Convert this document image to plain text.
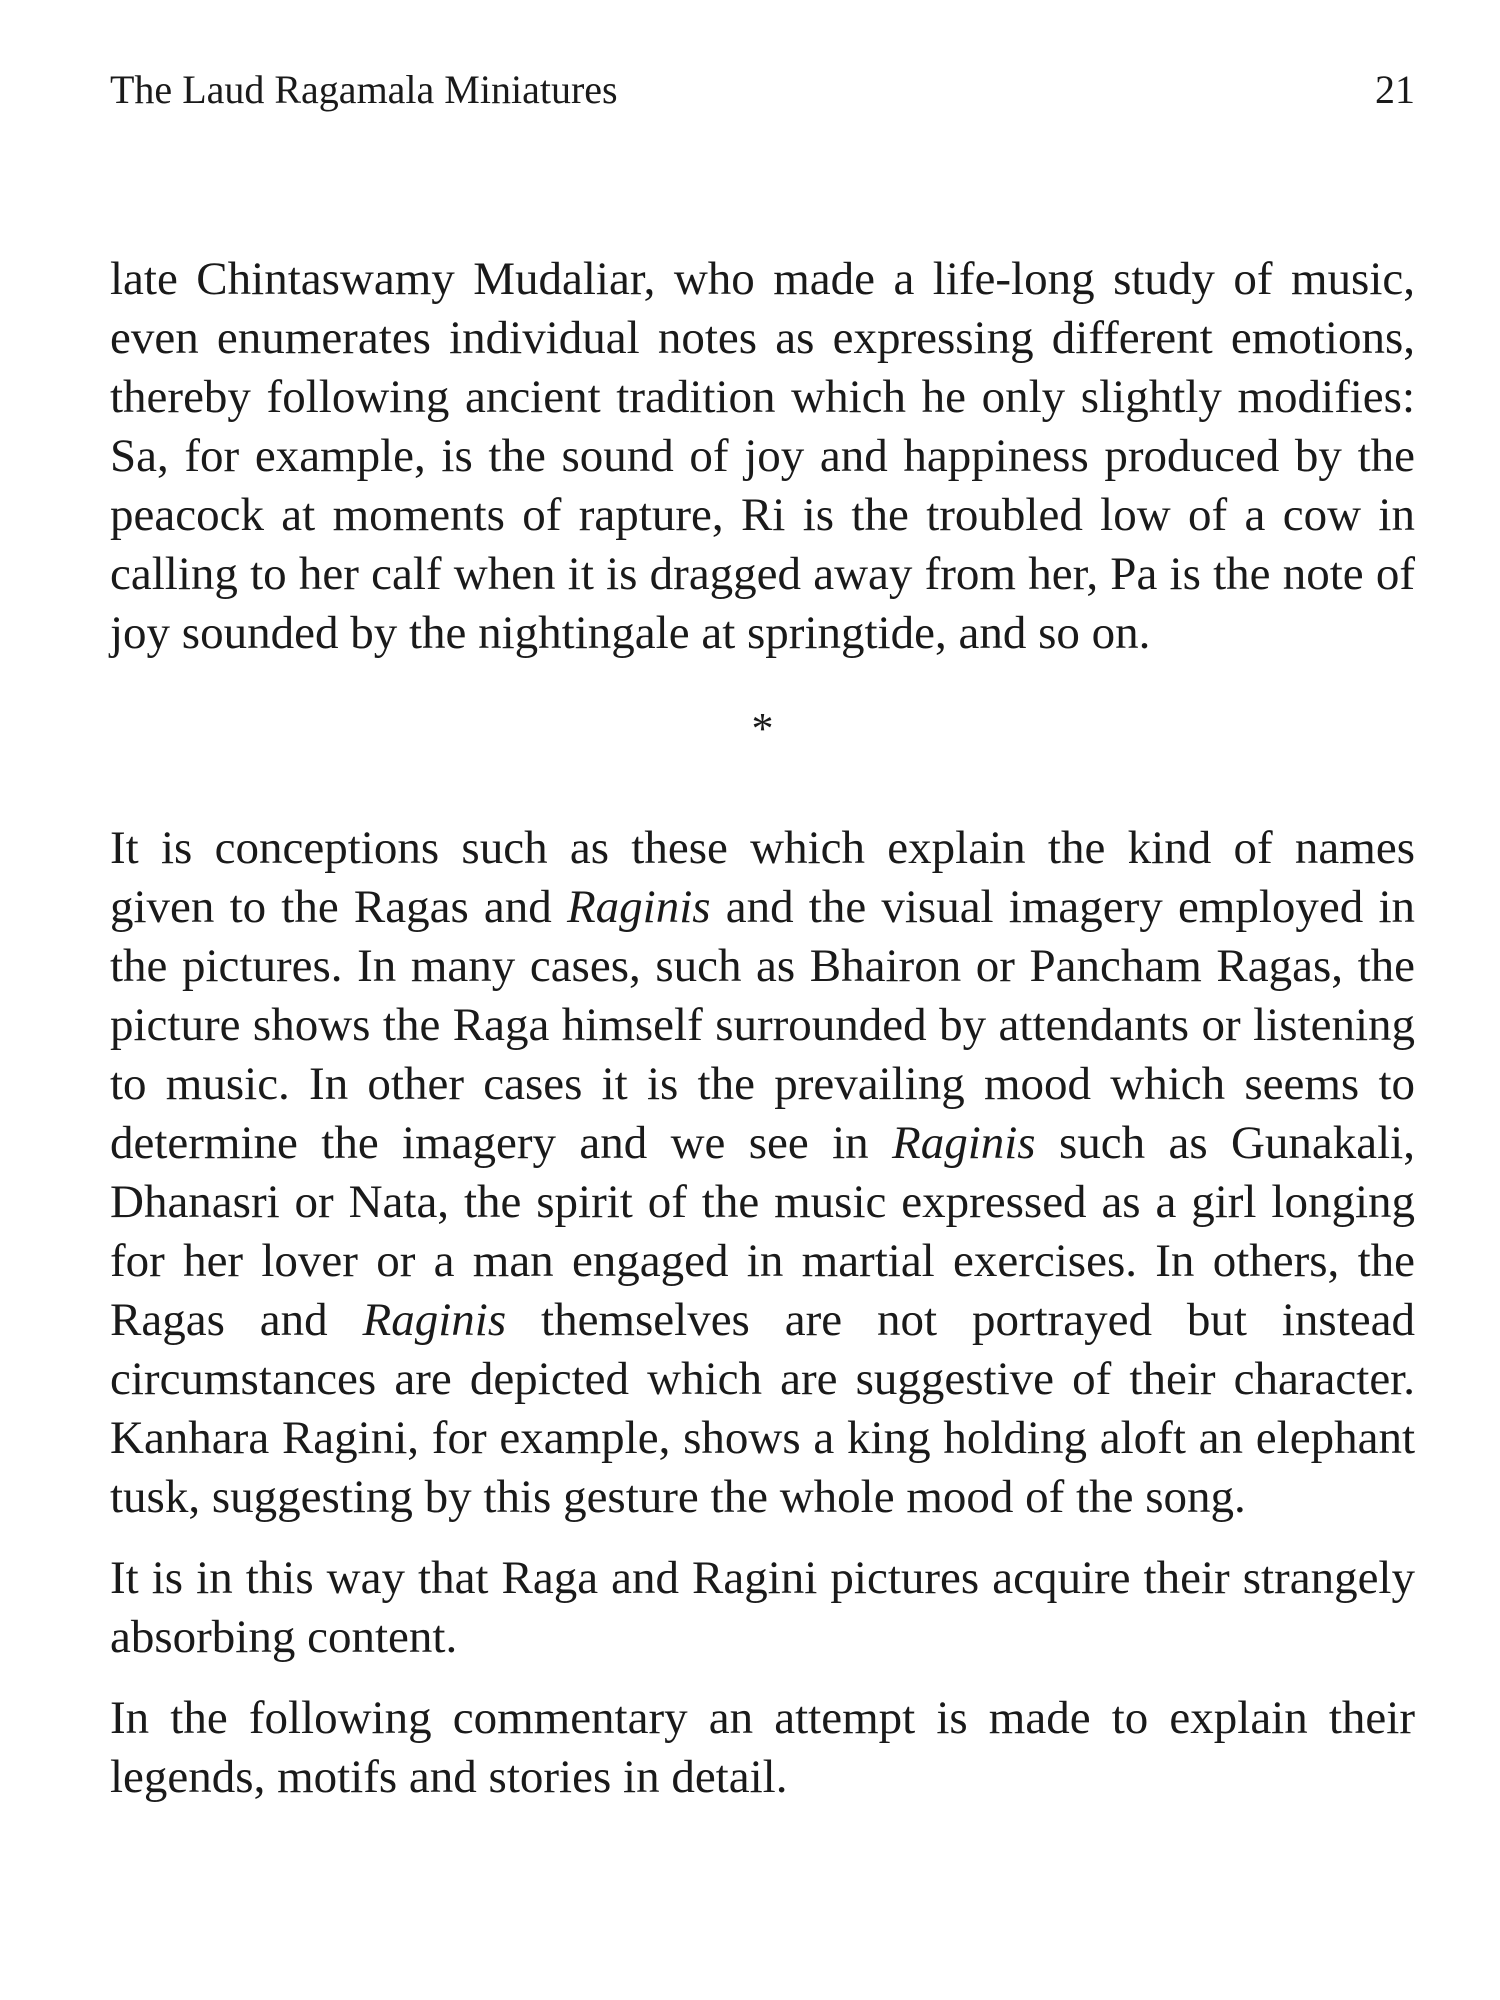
The Laud Ragamala Miniatures	21

late Chintaswamy Mudaliar, who made a life-long study of music, even enumerates individual notes as expressing different emotions, thereby following ancient tradition which he only slightly modifies: Sa, for example, is the sound of joy and happiness produced by the peacock at moments of rapture, Ri is the troubled low of a cow in calling to her calf when it is dragged away from her, Pa is the note of joy sounded by the nightingale at springtide, and so on.

*

It is conceptions such as these which explain the kind of names given to the Ragas and Raginis and the visual imagery employed in the pictures. In many cases, such as Bhairon or Pancham Ragas, the picture shows the Raga himself surrounded by attendants or listening to music. In other cases it is the prevailing mood which seems to determine the imagery and we see in Raginis such as Gunakali, Dhanasri or Nata, the spirit of the music expressed as a girl longing for her lover or a man engaged in martial exercises. In others, the Ragas and Raginis themselves are not portrayed but instead circumstances are depicted which are suggestive of their character. Kanhara Ragini, for example, shows a king holding aloft an elephant tusk, suggesting by this gesture the whole mood of the song.

It is in this way that Raga and Ragini pictures acquire their strangely absorbing content.

In the following commentary an attempt is made to explain their legends, motifs and stories in detail.
